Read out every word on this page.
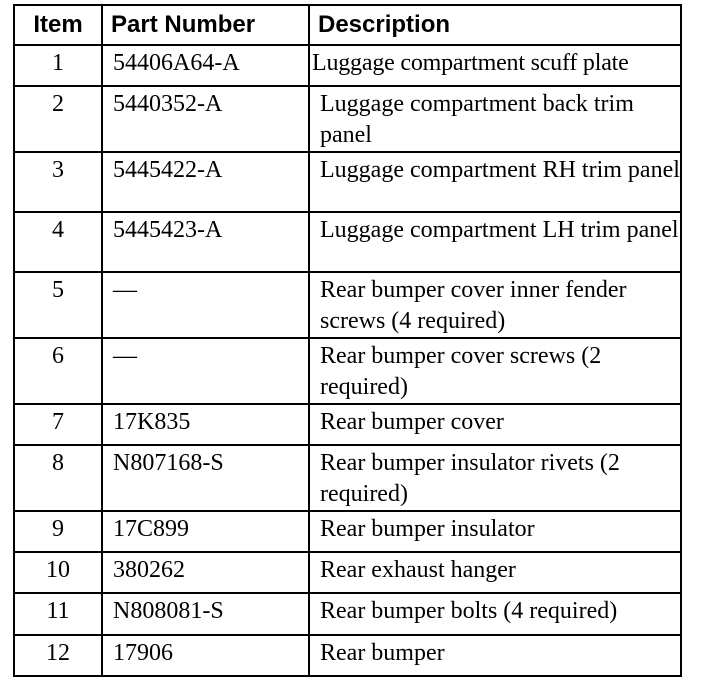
Item	Part Number	Description
1	54406A64-A	Luggage compartment scuff plate
2	5440352-A	Luggage compartment back trim panel
3	5445422-A	Luggage compartment RH trim panel
4	5445423-A	Luggage compartment LH trim panel
5	—	Rear bumper cover inner fender screws (4 required)
6	—	Rear bumper cover screws (2 required)
7	17K835	Rear bumper cover
8	N807168-S	Rear bumper insulator rivets (2 required)
9	17C899	Rear bumper insulator
10	380262	Rear exhaust hanger
11	N808081-S	Rear bumper bolts (4 required)
12	17906	Rear bumper
